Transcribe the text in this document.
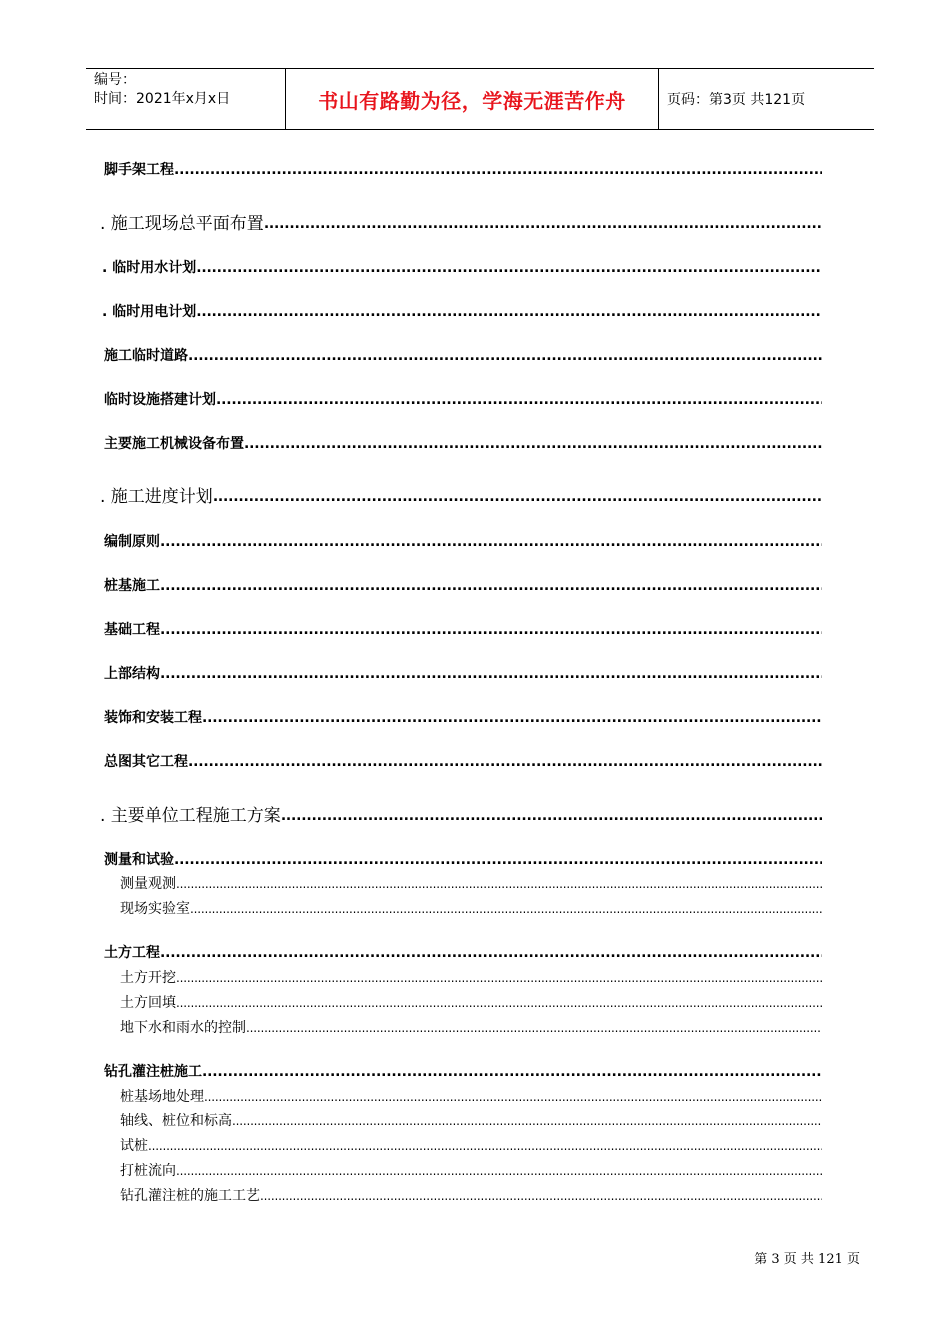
编号：
时间：2021年x月x日	书山有路勤为径，学海无涯苦作舟	页码：第3页 共121页
脚手架工程
.....
. 施工现场总平面布置
.....
. 临时用水计划
.....
. 临时用电计划
.....
施工临时道路
.....
临时设施搭建计划
.....
主要施工机械设备布置
.....
. 施工进度计划
.....
编制原则
.....
桩基施工
.....
基础工程
.....
上部结构
.....
装饰和安装工程
.....
总图其它工程
.....
. 主要单位工程施工方案
.....
测量和试验
.....
测量观测
.....
现场实验室
.....
土方工程
.....
土方开挖
.....
土方回填
.....
地下水和雨水的控制
.....
钻孔灌注桩施工
.....
桩基场地处理
.....
轴线、桩位和标高
.....
试桩
.....
打桩流向
.....
钻孔灌注桩的施工工艺
.....
第 3 页 共 121 页
